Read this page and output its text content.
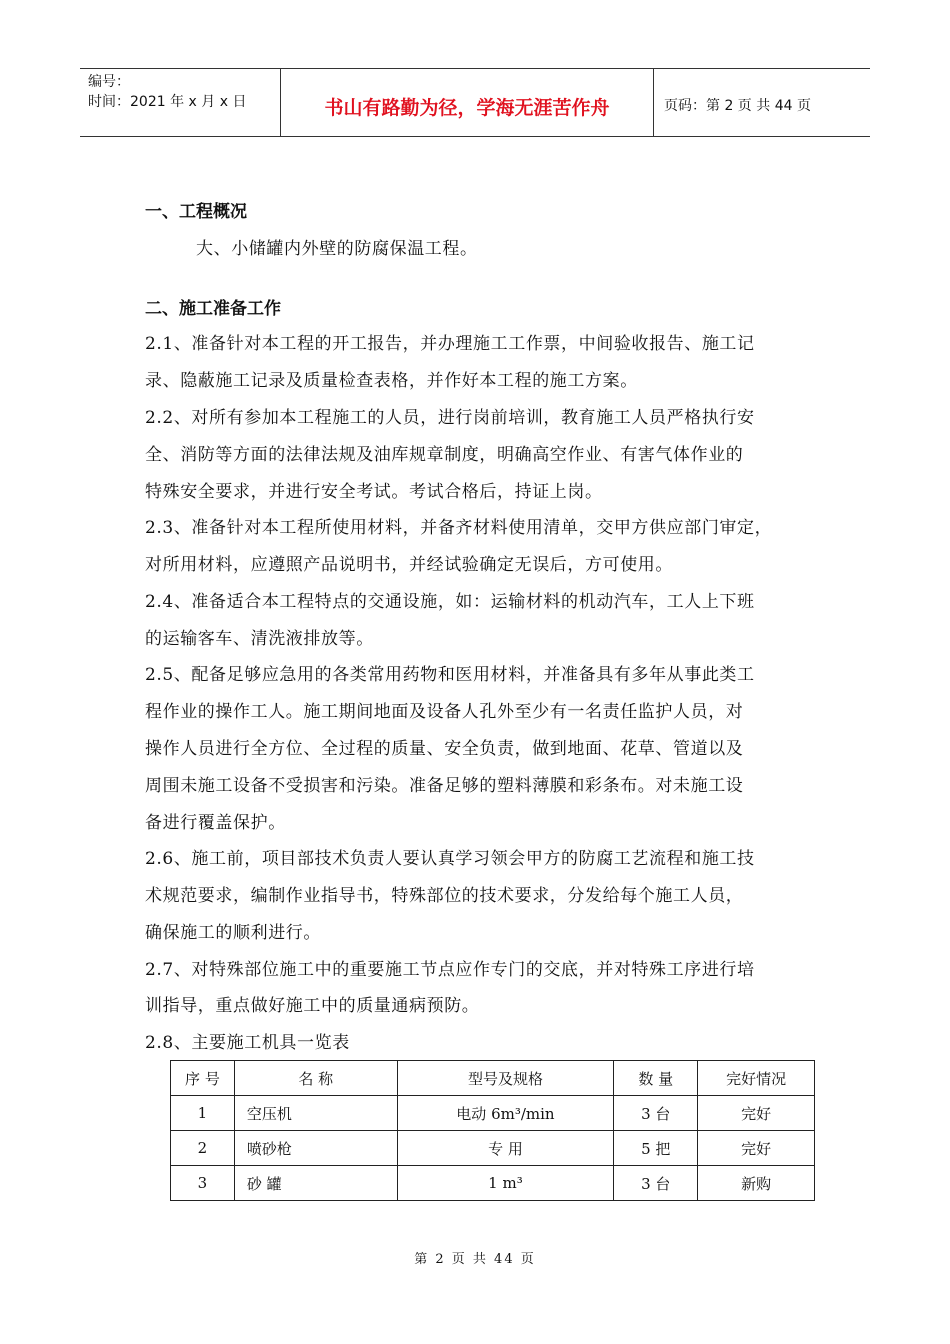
编号：
时间：2021 年 x 月 x 日	书山有路勤为径，学海无涯苦作舟	页码：第 2 页 共 44 页
一、工程概况
大、小储罐内外壁的防腐保温工程。
二、施工准备工作
2.1、准备针对本工程的开工报告，并办理施工工作票，中间验收报告、施工记
录、隐蔽施工记录及质量检查表格，并作好本工程的施工方案。
2.2、对所有参加本工程施工的人员，进行岗前培训，教育施工人员严格执行安
全、消防等方面的法律法规及油库规章制度，明确高空作业、有害气体作业的
特殊安全要求，并进行安全考试。考试合格后，持证上岗。
2.3、准备针对本工程所使用材料，并备齐材料使用清单，交甲方供应部门审定，
对所用材料，应遵照产品说明书，并经试验确定无误后，方可使用。
2.4、准备适合本工程特点的交通设施，如：运输材料的机动汽车，工人上下班
的运输客车、清洗液排放等。
2.5、配备足够应急用的各类常用药物和医用材料，并准备具有多年从事此类工
程作业的操作工人。施工期间地面及设备人孔外至少有一名责任监护人员，对
操作人员进行全方位、全过程的质量、安全负责，做到地面、花草、管道以及
周围未施工设备不受损害和污染。准备足够的塑料薄膜和彩条布。对未施工设
备进行覆盖保护。
2.6、施工前，项目部技术负责人要认真学习领会甲方的防腐工艺流程和施工技
术规范要求，编制作业指导书，特殊部位的技术要求，分发给每个施工人员，
确保施工的顺利进行。
2.7、对特殊部位施工中的重要施工节点应作专门的交底，并对特殊工序进行培
训指导，重点做好施工中的质量通病预防。
2.8、主要施工机具一览表
序 号	名 称	型号及规格	数 量	完好情况
1	空压机	电动 6m³/min	3 台	完好
2	喷砂枪	专 用	5 把	完好
3	砂 罐	1 m³	3 台	新购
第 2 页 共 44 页
